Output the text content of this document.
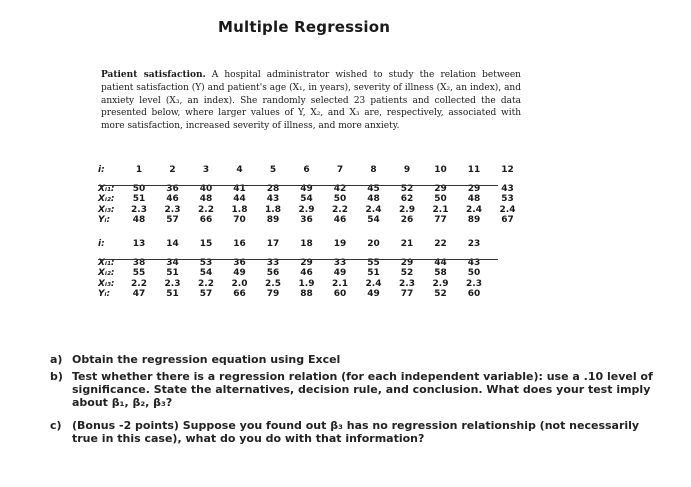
Multiple Regression
Patient satisfaction. A hospital administrator wished to study the relation between patient satisfaction (Y) and patient's age (X₁, in years), severity of illness (X₂, an index), and anxiety level (X₃, an index). She randomly selected 23 patients and collected the data presented below, where larger values of Y, X₂, and X₃ are, respectively, associated with more satisfaction, increased severity of illness, and more anxiety.
i:	1	2	3	4	5	6	7	8	9	10	11	12
Xᵢ₁:	50	36	40	41	28	49	42	45	52	29	29	43
Xᵢ₂:	51	46	48	44	43	54	50	48	62	50	48	53
Xᵢ₃:	2.3	2.3	2.2	1.8	1.8	2.9	2.2	2.4	2.9	2.1	2.4	2.4
Yᵢ:	48	57	66	70	89	36	46	54	26	77	89	67
i:	13	14	15	16	17	18	19	20	21	22	23
Xᵢ₁:	38	34	53	36	33	29	33	55	29	44	43
Xᵢ₂:	55	51	54	49	56	46	49	51	52	58	50
Xᵢ₃:	2.2	2.3	2.2	2.0	2.5	1.9	2.1	2.4	2.3	2.9	2.3
Yᵢ:	47	51	57	66	79	88	60	49	77	52	60
a) Obtain the regression equation using Excel
b) Test whether there is a regression relation (for each independent variable): use a .10 level of significance. State the alternatives, decision rule, and conclusion. What does your test imply about β₁, β₂, β₃?
c) (Bonus -2 points) Suppose you found out β₃ has no regression relationship (not necessarily true in this case), what do you do with that information?
